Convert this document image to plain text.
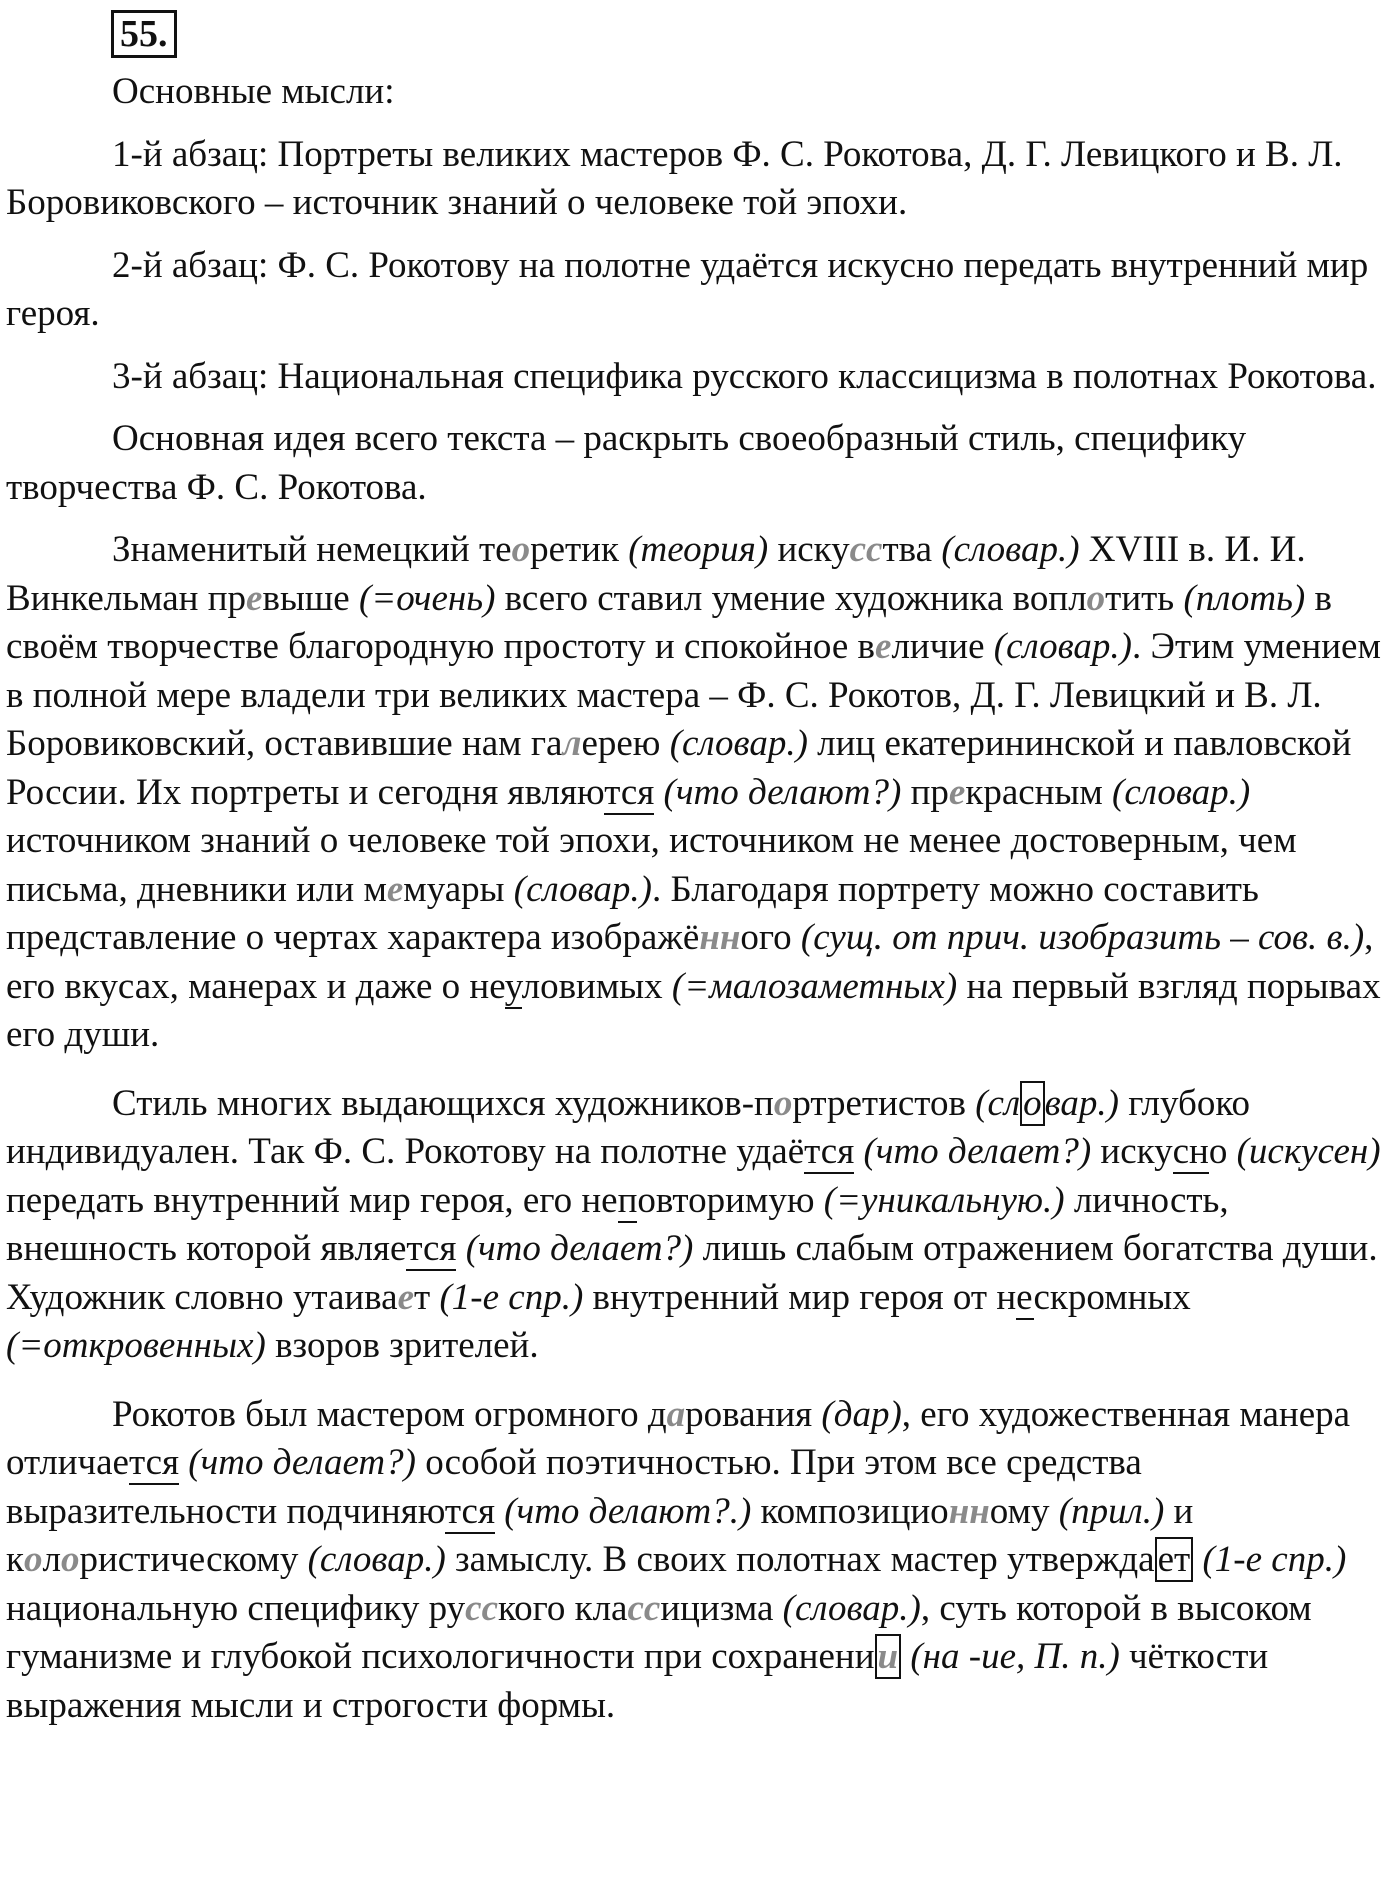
55.

Основные мысли:

1-й абзац: Портреты великих мастеров Ф. С. Рокотова, Д. Г. Левицкого и В. Л. Боровиковского – источник знаний о человеке той эпохи.

2-й абзац: Ф. С. Рокотову на полотне удаётся искусно передать внутренний мир героя.

3-й абзац: Национальная специфика русского классицизма в полотнах Рокотова.

Основная идея всего текста – раскрыть своеобразный стиль, специфику творчества Ф. С. Рокотова.

Знаменитый немецкий теоретик (теория) искусства (словар.) XVIII в. И. И. Винкельман превыше (=очень) всего ставил умение художника воплотить (плоть) в своём творчестве благородную простоту и спокойное величие (словар.). Этим умением в полной мере владели три великих мастера – Ф. С. Рокотов, Д. Г. Левицкий и В. Л. Боровиковский, оставившие нам галерею (словар.) лиц екатерининской и павловской России. Их портреты и сегодня являются (что делают?) прекрасным (словар.) источником знаний о человеке той эпохи, источником не менее достоверным, чем письма, дневники или мемуары (словар.). Благодаря портрету можно составить представление о чертах характера изображённого (сущ. от прич. изобразить – сов. в.), его вкусах, манерах и даже о неуловимых (=малозаметных) на первый взгляд порывах его души.

Стиль многих выдающихся художников-портретистов (словар.) глубоко индивидуален. Так Ф. С. Рокотову на полотне удаётся (что делает?) искусно (искусен) передать внутренний мир героя, его неповторимую (=уникальную.) личность, внешность которой является (что делает?) лишь слабым отражением богатства души. Художник словно утаивает (1-е спр.) внутренний мир героя от нескромных (=откровенных) взоров зрителей.

Рокотов был мастером огромного дарования (дар), его художественная манера отличается (что делает?) особой поэтичностью. При этом все средства выразительности подчиняются (что делают?.) композиционному (прил.) и колористическому (словар.) замыслу. В своих полотнах мастер утверждает (1-е спр.) национальную специфику русского классицизма (словар.), суть которой в высоком гуманизме и глубокой психологичности при сохранении (на -ие, П. п.) чёткости выражения мысли и строгости формы.
